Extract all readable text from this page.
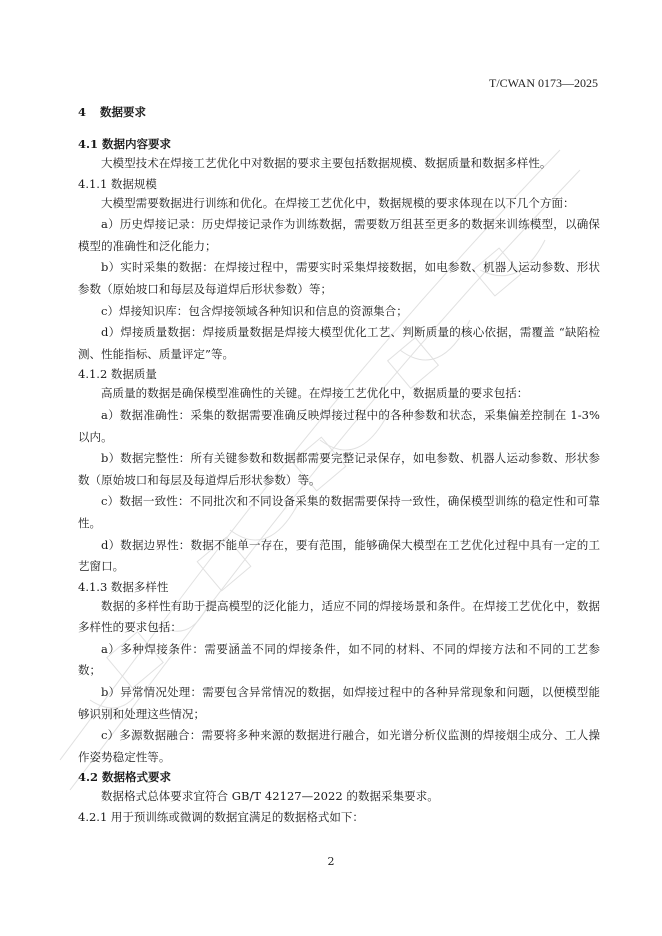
T/CWAN 0173—2025
4 数据要求
4.1 数据内容要求

大模型技术在焊接工艺优化中对数据的要求主要包括数据规模、数据质量和数据多样性。

4.1.1 数据规模

大模型需要数据进行训练和优化。在焊接工艺优化中，数据规模的要求体现在以下几个方面：

a）历史焊接记录：历史焊接记录作为训练数据，需要数万组甚至更多的数据来训练模型，以确保模型的准确性和泛化能力；

b）实时采集的数据：在焊接过程中，需要实时采集焊接数据，如电参数、机器人运动参数、形状参数（原始坡口和每层及每道焊后形状参数）等；

c）焊接知识库：包含焊接领域各种知识和信息的资源集合；

d）焊接质量数据：焊接质量数据是焊接大模型优化工艺、判断质量的核心依据，需覆盖 “缺陷检测、性能指标、质量评定”等。

4.1.2 数据质量

高质量的数据是确保模型准确性的关键。在焊接工艺优化中，数据质量的要求包括：

a）数据准确性：采集的数据需要准确反映焊接过程中的各种参数和状态，采集偏差控制在 1-3%以内。

b）数据完整性：所有关键参数和数据都需要完整记录保存，如电参数、机器人运动参数、形状参数（原始坡口和每层及每道焊后形状参数）等。

c）数据一致性：不同批次和不同设备采集的数据需要保持一致性，确保模型训练的稳定性和可靠性。

d）数据边界性：数据不能单一存在，要有范围，能够确保大模型在工艺优化过程中具有一定的工艺窗口。

4.1.3 数据多样性

数据的多样性有助于提高模型的泛化能力，适应不同的焊接场景和条件。在焊接工艺优化中，数据多样性的要求包括：

a）多种焊接条件：需要涵盖不同的焊接条件，如不同的材料、不同的焊接方法和不同的工艺参数；

b）异常情况处理：需要包含异常情况的数据，如焊接过程中的各种异常现象和问题，以便模型能够识别和处理这些情况；

c）多源数据融合：需要将多种来源的数据进行融合，如光谱分析仪监测的焊接烟尘成分、工人操作姿势稳定性等。

4.2 数据格式要求

数据格式总体要求宜符合 GB/T 42127—2022 的数据采集要求。

4.2.1 用于预训练或微调的数据宜满足的数据格式如下：
2
